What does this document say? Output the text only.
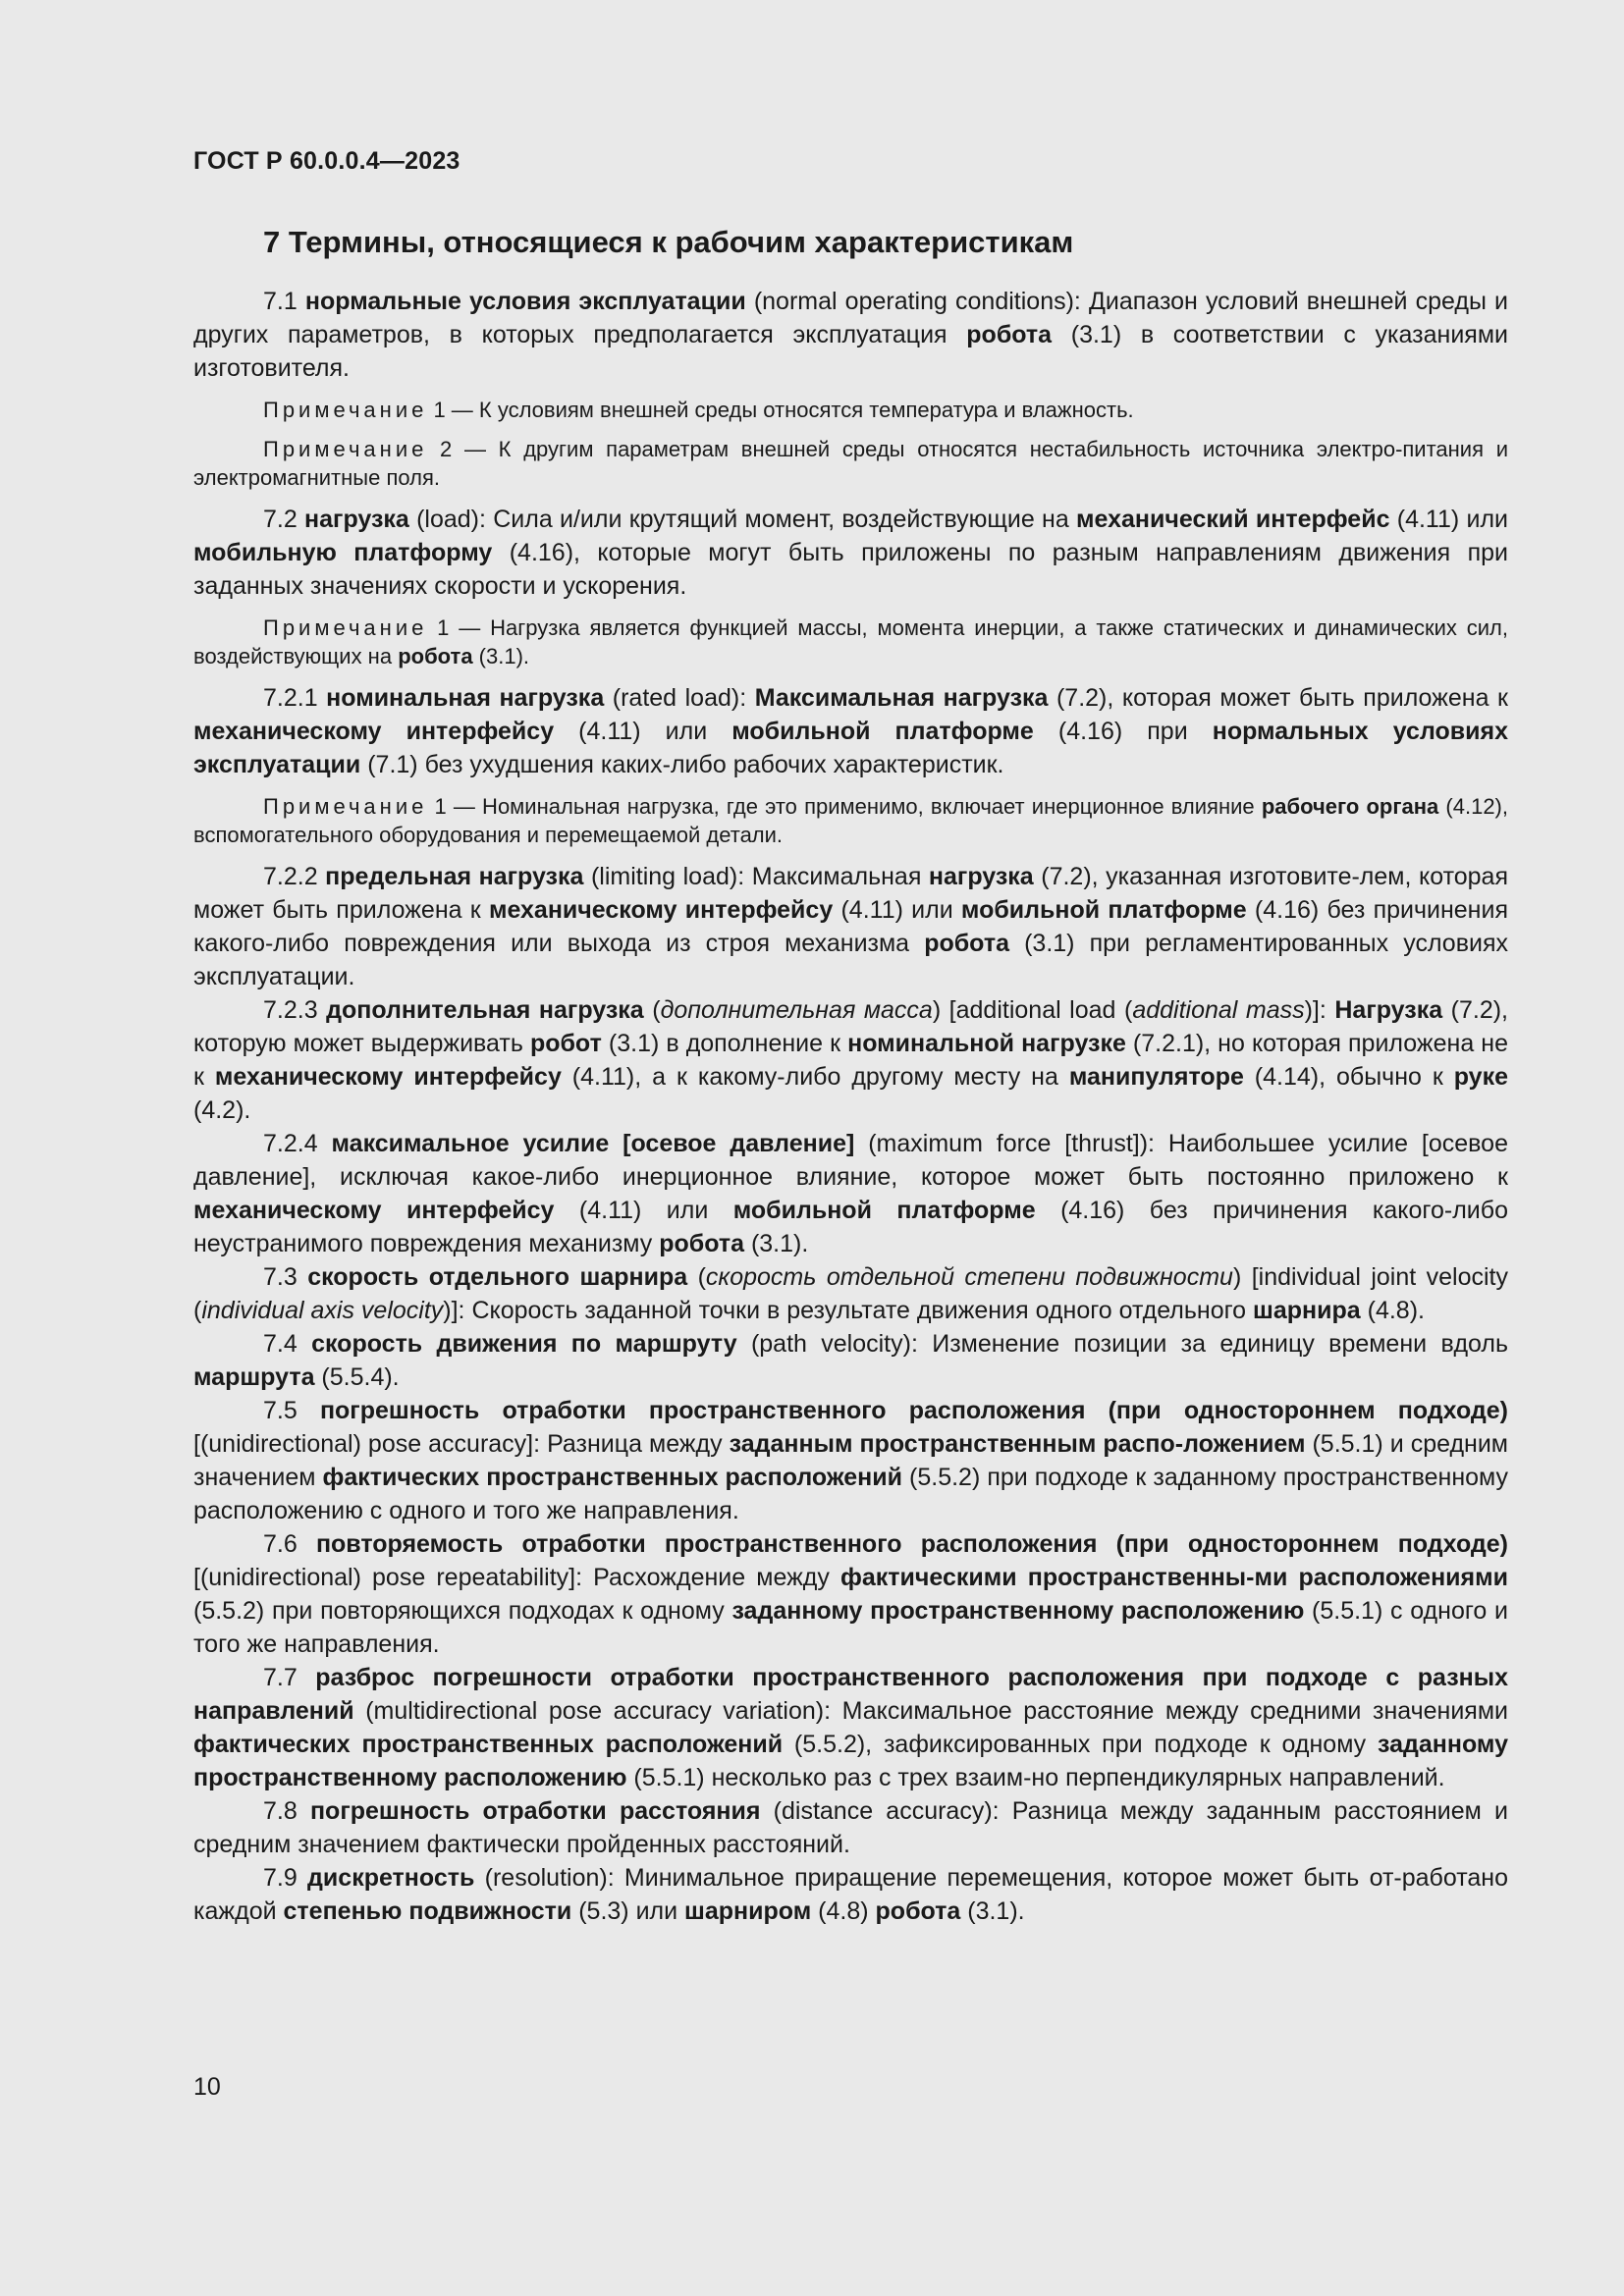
ГОСТ Р 60.0.0.4—2023
7 Термины, относящиеся к рабочим характеристикам

7.1 нормальные условия эксплуатации (normal operating conditions): Диапазон условий внешней среды и других параметров, в которых предполагается эксплуатация робота (3.1) в соответствии с указаниями изготовителя.

Примечание 1 — К условиям внешней среды относятся температура и влажность.

Примечание 2 — К другим параметрам внешней среды относятся нестабильность источника электро-питания и электромагнитные поля.

7.2 нагрузка (load): Сила и/или крутящий момент, воздействующие на механический интерфейс (4.11) или мобильную платформу (4.16), которые могут быть приложены по разным направлениям движения при заданных значениях скорости и ускорения.

Примечание 1 — Нагрузка является функцией массы, момента инерции, а также статических и динамических сил, воздействующих на робота (3.1).

7.2.1 номинальная нагрузка (rated load): Максимальная нагрузка (7.2), которая может быть приложена к механическому интерфейсу (4.11) или мобильной платформе (4.16) при нормальных условиях эксплуатации (7.1) без ухудшения каких-либо рабочих характеристик.

Примечание 1 — Номинальная нагрузка, где это применимо, включает инерционное влияние рабочего органа (4.12), вспомогательного оборудования и перемещаемой детали.

7.2.2 предельная нагрузка (limiting load): Максимальная нагрузка (7.2), указанная изготовите-лем, которая может быть приложена к механическому интерфейсу (4.11) или мобильной платформе (4.16) без причинения какого-либо повреждения или выхода из строя механизма робота (3.1) при регламентированных условиях эксплуатации.

7.2.3 дополнительная нагрузка (дополнительная масса) [additional load (additional mass)]: Нагрузка (7.2), которую может выдерживать робот (3.1) в дополнение к номинальной нагрузке (7.2.1), но которая приложена не к механическому интерфейсу (4.11), а к какому-либо другому месту на манипуляторе (4.14), обычно к руке (4.2).

7.2.4 максимальное усилие [осевое давление] (maximum force [thrust]): Наибольшее усилие [осевое давление], исключая какое-либо инерционное влияние, которое может быть постоянно приложено к механическому интерфейсу (4.11) или мобильной платформе (4.16) без причинения какого-либо неустранимого повреждения механизму робота (3.1).

7.3 скорость отдельного шарнира (скорость отдельной степени подвижности) [individual joint velocity (individual axis velocity)]: Скорость заданной точки в результате движения одного отдельного шарнира (4.8).

7.4 скорость движения по маршруту (path velocity): Изменение позиции за единицу времени вдоль маршрута (5.5.4).

7.5 погрешность отработки пространственного расположения (при одностороннем подходе) [(unidirectional) pose accuracy]: Разница между заданным пространственным распо-ложением (5.5.1) и средним значением фактических пространственных расположений (5.5.2) при подходе к заданному пространственному расположению с одного и того же направления.

7.6 повторяемость отработки пространственного расположения (при одностороннем подходе) [(unidirectional) pose repeatability]: Расхождение между фактическими пространственны-ми расположениями (5.5.2) при повторяющихся подходах к одному заданному пространственному расположению (5.5.1) с одного и того же направления.

7.7 разброс погрешности отработки пространственного расположения при подходе с разных направлений (multidirectional pose accuracy variation): Максимальное расстояние между средними значениями фактических пространственных расположений (5.5.2), зафиксированных при подходе к одному заданному пространственному расположению (5.5.1) несколько раз с трех взаим-но перпендикулярных направлений.

7.8 погрешность отработки расстояния (distance accuracy): Разница между заданным расстоянием и средним значением фактически пройденных расстояний.

7.9 дискретность (resolution): Минимальное приращение перемещения, которое может быть от-работано каждой степенью подвижности (5.3) или шарниром (4.8) робота (3.1).

10
